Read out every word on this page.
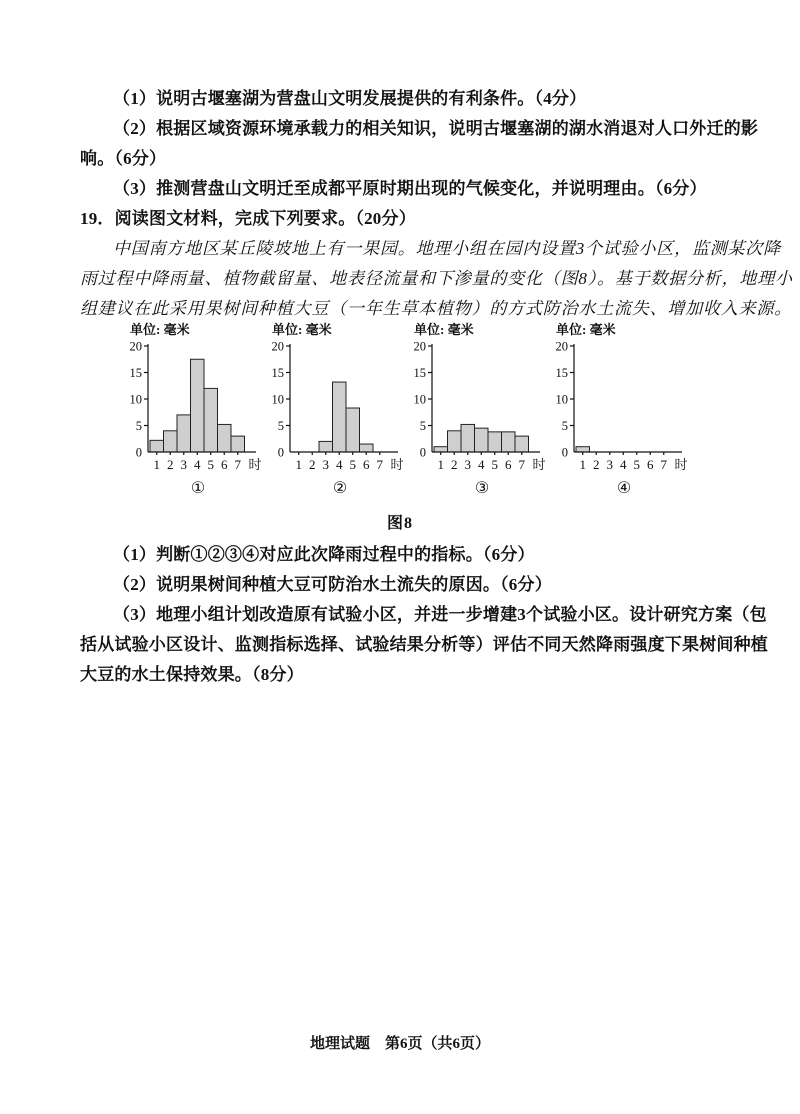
（1）说明古堰塞湖为营盘山文明发展提供的有利条件。（4分）
（2）根据区域资源环境承载力的相关知识，说明古堰塞湖的湖水消退对人口外迁的影
响。（6分）
（3）推测营盘山文明迁至成都平原时期出现的气候变化，并说明理由。（6分）
19．阅读图文材料，完成下列要求。（20分）
中国南方地区某丘陵坡地上有一果园。地理小组在园内设置3个试验小区，监测某次降
雨过程中降雨量、植物截留量、地表径流量和下渗量的变化（图8）。基于数据分析，地理小
组建议在此采用果树间种植大豆（一年生草本植物）的方式防治水土流失、增加收入来源。
单位: 毫米
0
5
10
15
20
1 2 3 4 5 6 7 时
①
单位: 毫米
0
5
10
15
20
1 2 3 4 5 6 7 时
②
单位: 毫米
0
5
10
15
20
1 2 3 4 5 6 7 时
③
单位: 毫米
0
5
10
15
20
1 2 3 4 5 6 7 时
④
图8
（1）判断①②③④对应此次降雨过程中的指标。（6分）
（2）说明果树间种植大豆可防治水土流失的原因。（6分）
（3）地理小组计划改造原有试验小区，并进一步增建3个试验小区。设计研究方案（包
括从试验小区设计、监测指标选择、试验结果分析等）评估不同天然降雨强度下果树间种植
大豆的水土保持效果。（8分）
地理试题　第6页（共6页）
